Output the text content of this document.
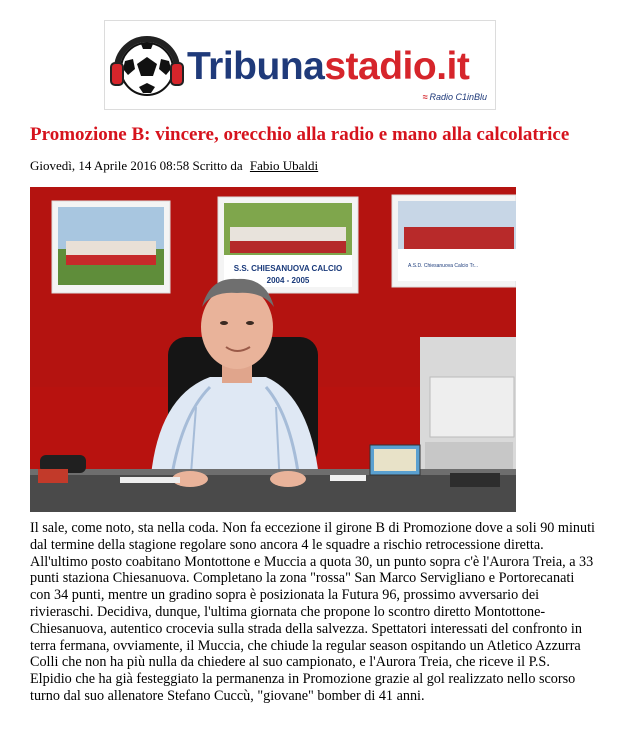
Tribunastadio.it
≈ Radio C1inBlu
Promozione B: vincere, orecchio alla radio e mano alla calcolatrice
Giovedì, 14 Aprile 2016 08:58 Scritto da Fabio Ubaldi
S.S. CHIESANUOVA CALCIO
2004 - 2005
A.S.D. Chiesanuova Calcio Tr...

Il sale, come noto, sta nella coda. Non fa eccezione il girone B di Promozione dove a soli 90 minuti dal termine della stagione regolare sono ancora 4 le squadre a rischio retrocessione diretta. All'ultimo posto coabitano Montottone e Muccia a quota 30, un punto sopra c'è l'Aurora Treia, a 33 punti staziona Chiesanuova. Completano la zona "rossa" San Marco Servigliano e Portorecanati con 34 punti, mentre un gradino sopra è posizionata la Futura 96, prossimo avversario dei rivieraschi. Decidiva, dunque, l'ultima giornata che propone lo scontro diretto Montottone-Chiesanuova, autentico crocevia sulla strada della salvezza. Spettatori interessati del confronto in terra fermana, ovviamente, il Muccia, che chiude la regular season ospitando un Atletico Azzurra Colli che non ha più nulla da chiedere al suo campionato, e l'Aurora Treia, che riceve il P.S. Elpidio che ha già festeggiato la permanenza in Promozione grazie al gol realizzato nello scorso turno dal suo allenatore Stefano Cuccù, "giovane" bomber di 41 anni.
